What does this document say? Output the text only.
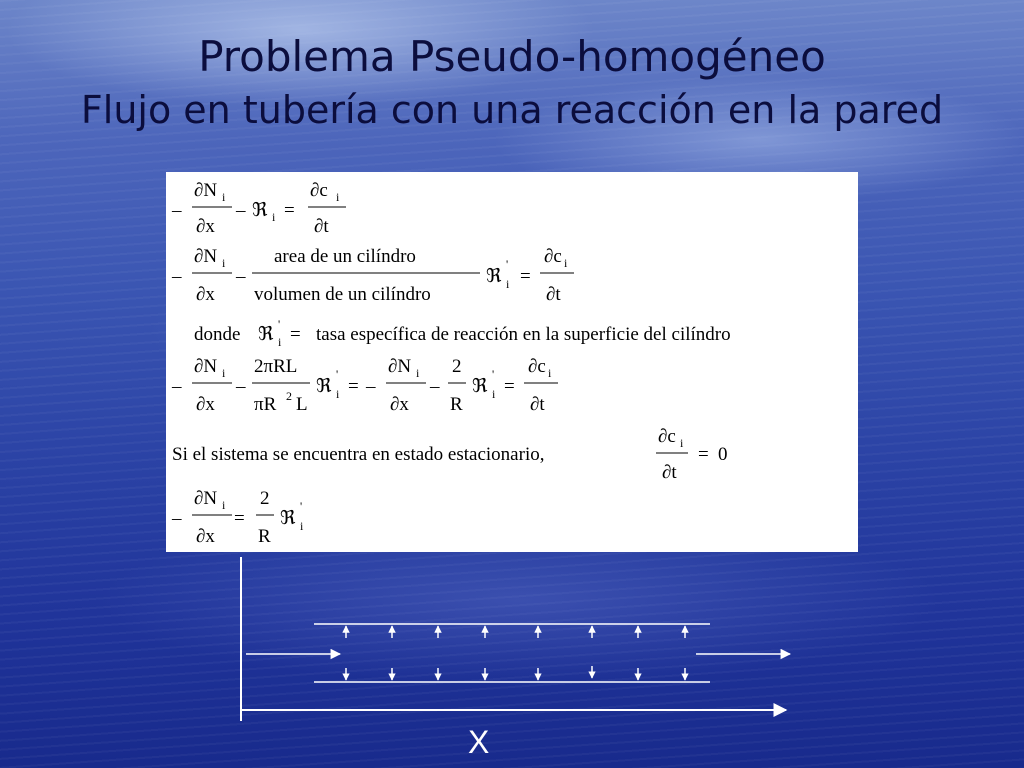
Problema Pseudo-homogéneo
Flujo en tubería con una reacción en la pared
–
∂N i
∂x
– ℜ i =
∂c i
∂t
–
∂N i
∂x
–
area de un cilíndro
volumen de un cilíndro
ℜ
'
i =
∂c i
∂t
donde ℜ '
i = tasa específica de reacción en la superficie del cilíndro
–
∂N i
∂x
–
2πRL
πR 2 L
ℜ
'
i = –
∂N i
∂x
–
2
R
ℜ
'
i =
∂c i
∂t
Si el sistema se encuentra en estado estacionario,
∂c i
∂t
= 0
–
∂N i
∂x
=
2
R
ℜ
'
i
X
